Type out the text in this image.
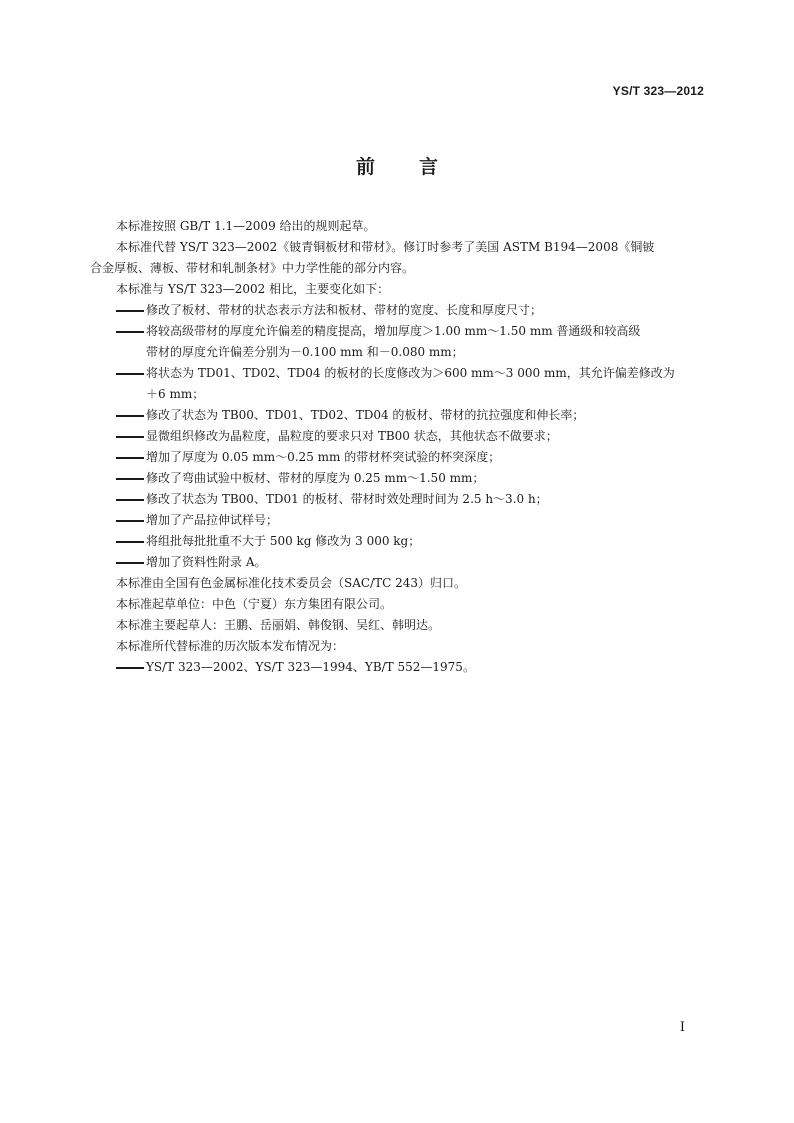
YS/T 323—2012
前言

本标准按照 GB/T 1.1—2009 给出的规则起草。

本标准代替 YS/T 323—2002《铍青铜板材和带材》。修订时参考了美国 ASTM B194—2008《铜铍

合金厚板、薄板、带材和轧制条材》中力学性能的部分内容。

本标准与 YS/T 323—2002 相比，主要变化如下：

修改了板材、带材的状态表示方法和板材、带材的宽度、长度和厚度尺寸；

将较高级带材的厚度允许偏差的精度提高，增加厚度＞1.00 mm～1.50 mm 普通级和较高级

带材的厚度允许偏差分别为－0.100 mm 和－0.080 mm；

将状态为 TD01、TD02、TD04 的板材的长度修改为＞600 mm～3 000 mm，其允许偏差修改为

＋6 mm；

修改了状态为 TB00、TD01、TD02、TD04 的板材、带材的抗拉强度和伸长率；

显微组织修改为晶粒度，晶粒度的要求只对 TB00 状态，其他状态不做要求；

增加了厚度为 0.05 mm～0.25 mm 的带材杯突试验的杯突深度；

修改了弯曲试验中板材、带材的厚度为 0.25 mm～1.50 mm；

修改了状态为 TB00、TD01 的板材、带材时效处理时间为 2.5 h～3.0 h；

增加了产品拉伸试样号；

将组批每批批重不大于 500 kg 修改为 3 000 kg；

增加了资料性附录 A。

本标准由全国有色金属标准化技术委员会（SAC/TC 243）归口。

本标准起草单位：中色（宁夏）东方集团有限公司。

本标准主要起草人：王鹏、岳丽娟、韩俊钢、吴红、韩明达。

本标准所代替标准的历次版本发布情况为：

YS/T 323—2002、YS/T 323—1994、YB/T 552—1975。

I
